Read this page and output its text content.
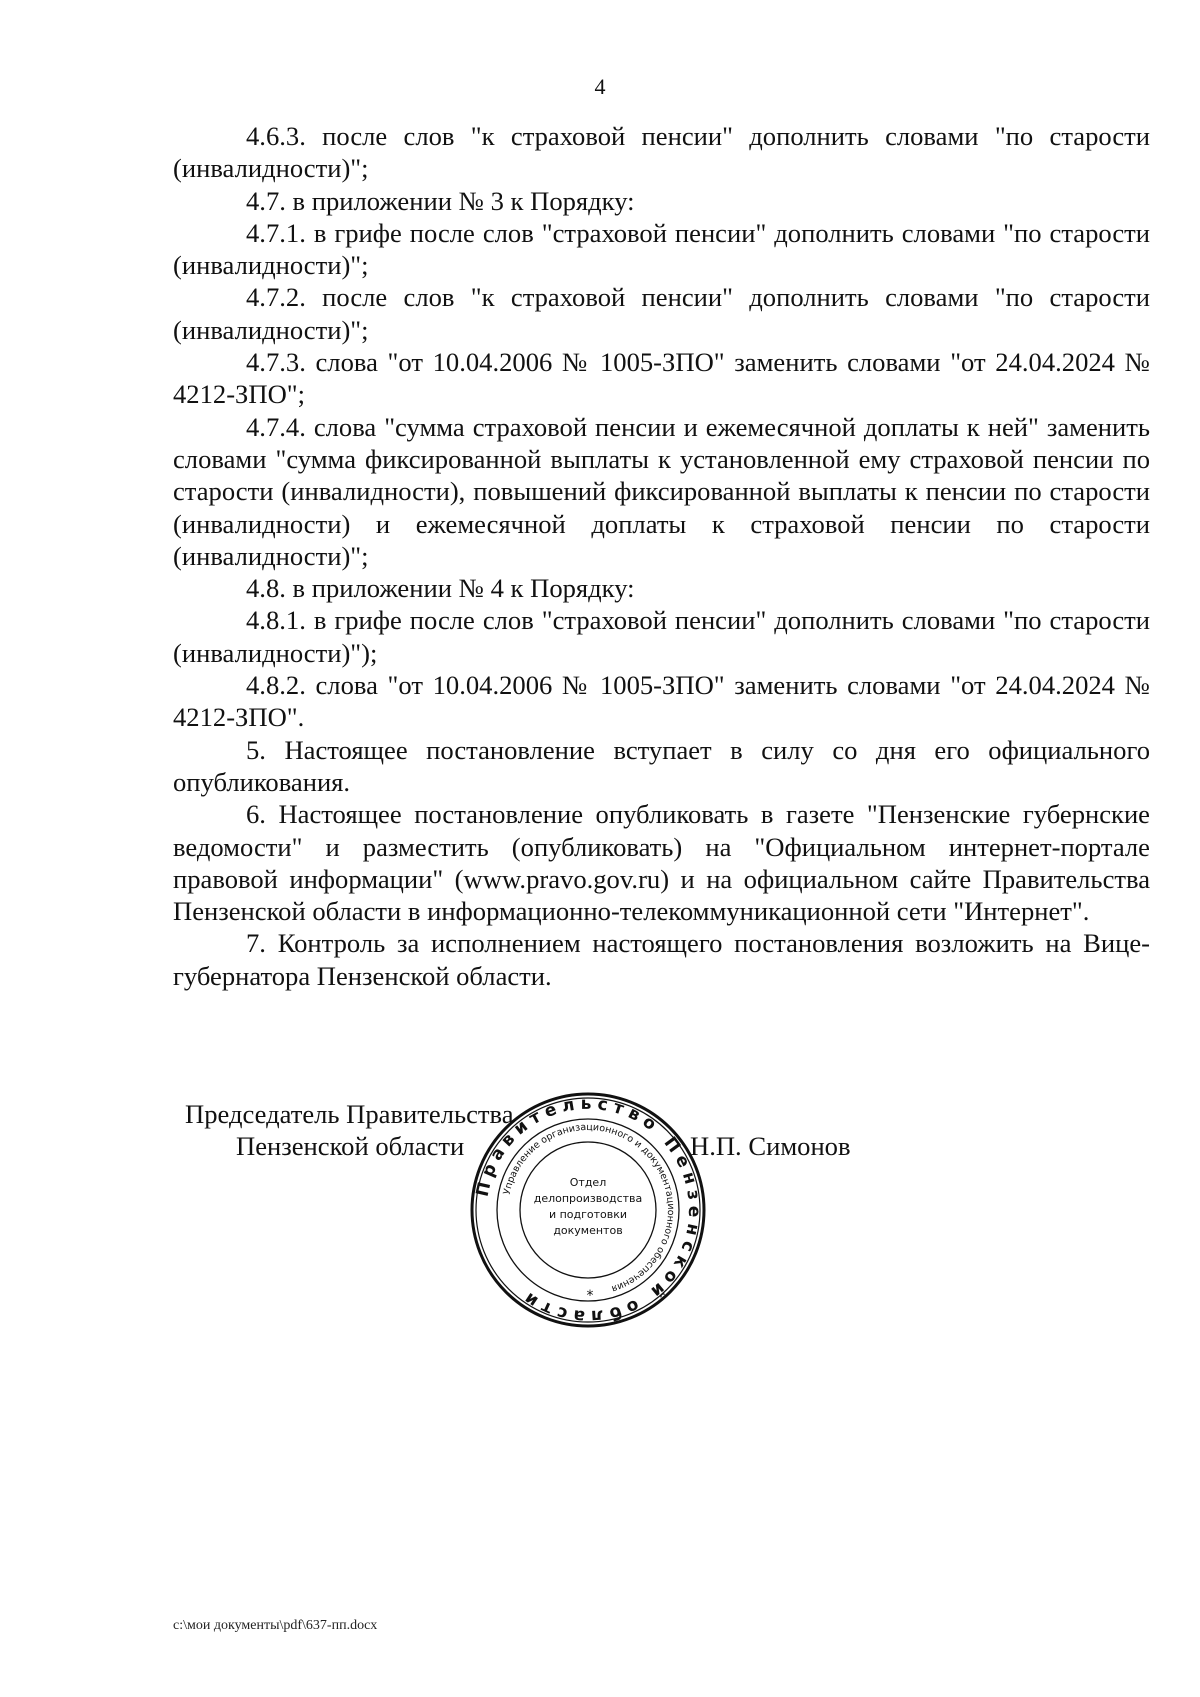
4

4.6.3. после слов "к страховой пенсии" дополнить словами "по старости (инвалидности)";

4.7. в приложении № 3 к Порядку:

4.7.1. в грифе после слов "страховой пенсии" дополнить словами "по старости (инвалидности)";

4.7.2. после слов "к страховой пенсии" дополнить словами "по старости (инвалидности)";

4.7.3. слова "от 10.04.2006 № 1005-ЗПО" заменить словами "от 24.04.2024 № 4212-ЗПО";

4.7.4. слова "сумма страховой пенсии и ежемесячной доплаты к ней" заменить словами "сумма фиксированной выплаты к установленной ему страховой пенсии по старости (инвалидности), повышений фиксированной выплаты к пенсии по старости (инвалидности) и ежемесячной доплаты к страховой пенсии по старости (инвалидности)";

4.8. в приложении № 4 к Порядку:

4.8.1. в грифе после слов "страховой пенсии" дополнить словами "по старости (инвалидности)");

4.8.2. слова "от 10.04.2006 № 1005-ЗПО" заменить словами "от 24.04.2024 № 4212-ЗПО".

5. Настоящее постановление вступает в силу со дня его официального опубликования.

6. Настоящее постановление опубликовать в газете "Пензенские губернские ведомости" и разместить (опубликовать) на "Официальном интернет-портале правовой информации" (www.pravo.gov.ru) и на официальном сайте Правительства Пензенской области в информационно-телекоммуникационной сети "Интернет".

7. Контроль за исполнением настоящего постановления возложить на Вице-губернатора Пензенской области.

Председатель Правительства
Пензенской области	Н.П. Симонов
Правительство Пензенской области
Управление организационного и документационного обеспечения
Отдел
делопроизводства
и подготовки
документов
*
c:\мои документы\pdf\637-пп.docx
